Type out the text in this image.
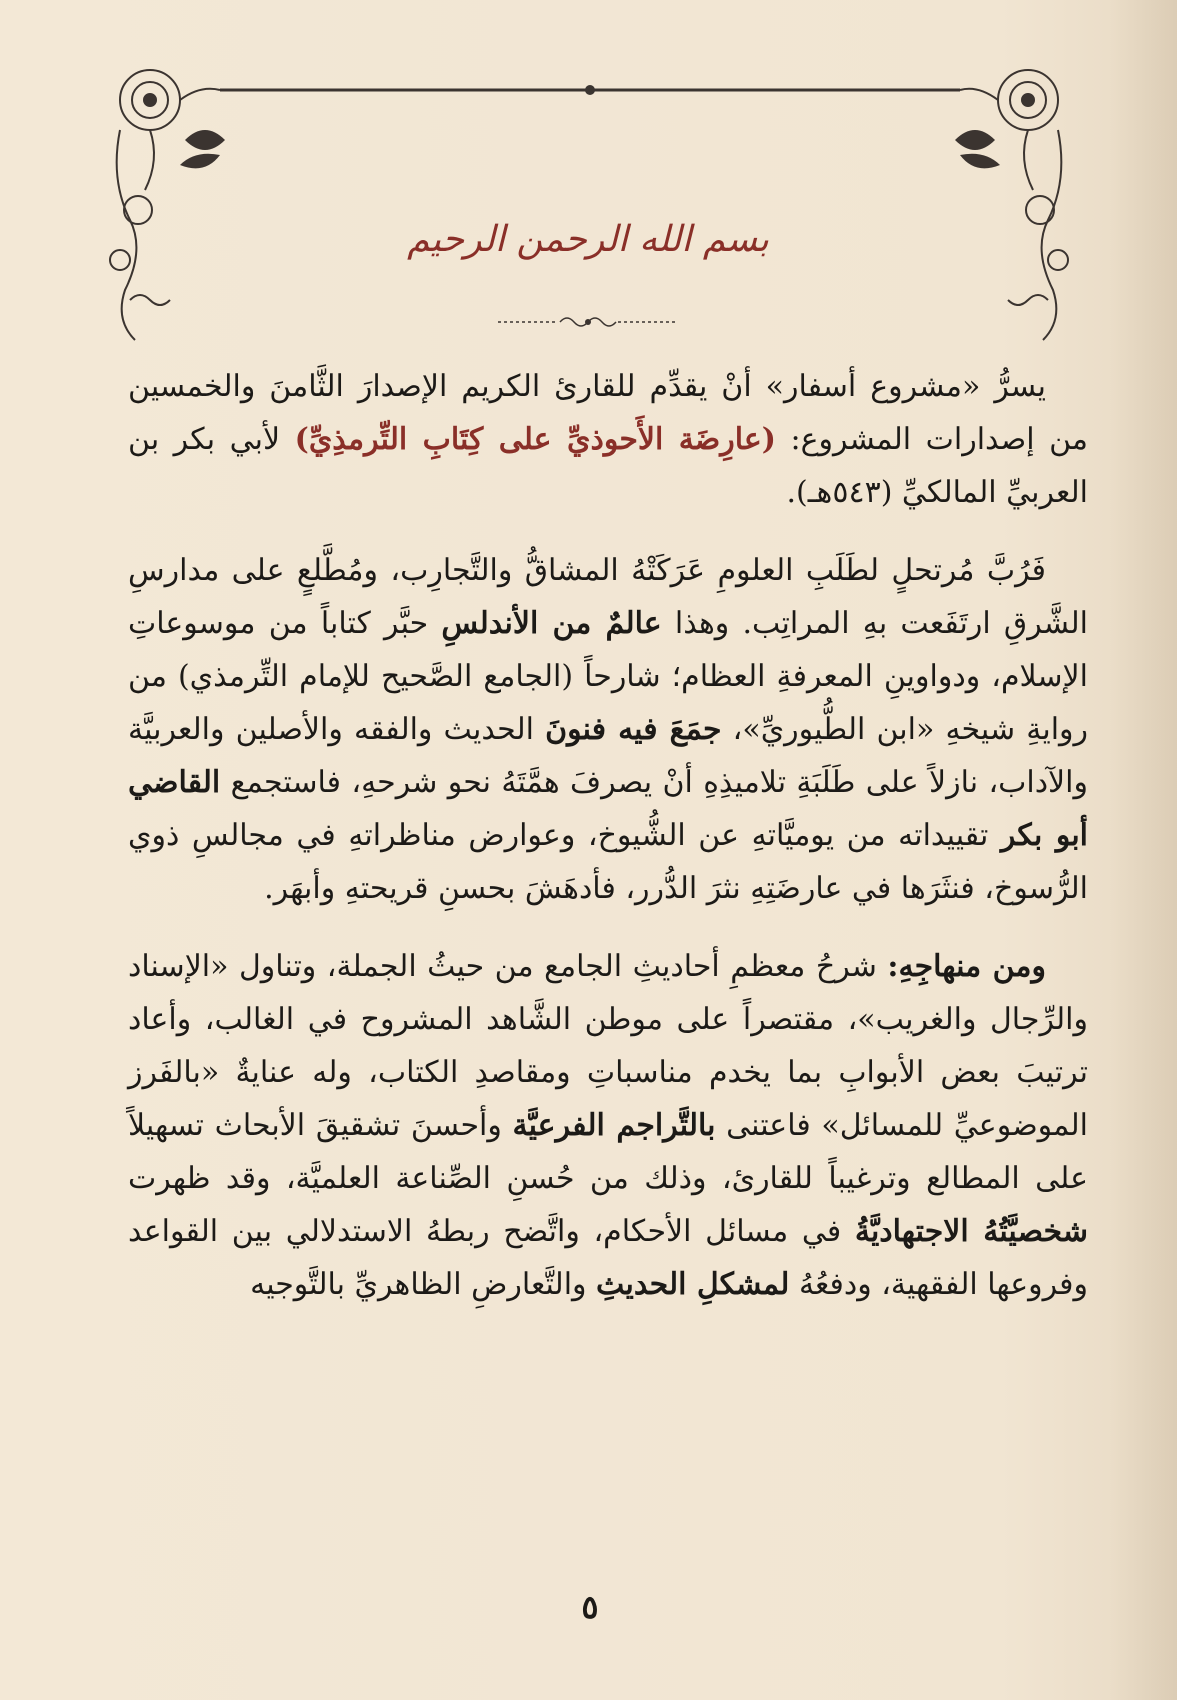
بسم الله الرحمن الرحيم

يسرُّ «مشروع أسفار» أنْ يقدِّم للقارئ الكريم الإصدارَ الثَّامنَ والخمسين من إصدارات المشروع: (عارِضَة الأَحوذيِّ على كِتَابِ التِّرمذِيِّ) لأبي بكر بن العربيِّ المالكيِّ (٥٤٣هـ).

فَرُبَّ مُرتحلٍ لطَلَبِ العلومِ عَرَكَتْهُ المشاقُّ والتَّجارِب، ومُطَّلعٍ على مدارسِ الشَّرقِ ارتَفَعت بهِ المراتِب. وهذا عالمٌ من الأندلسِ حبَّر كتاباً من موسوعاتِ الإسلام، ودواوينِ المعرفةِ العظام؛ شارحاً (الجامع الصَّحيح للإمام التِّرمذي) من روايةِ شيخهِ «ابن الطُّيوريِّ»، جمَعَ فيه فنونَ الحديث والفقه والأصلين والعربيَّة والآداب، نازلاً على طَلَبَةِ تلاميذِهِ أنْ يصرفَ همَّتَهُ نحو شرحهِ، فاستجمع القاضي أبو بكر تقييداته من يوميَّاتهِ عن الشُّيوخ، وعوارض مناظراتهِ في مجالسِ ذوي الرُّسوخ، فنثَرَها في عارضَتِهِ نثرَ الدُّرر، فأدهَشَ بحسنِ قريحتهِ وأبهَر.

ومن منهاجِهِ: شرحُ معظمِ أحاديثِ الجامع من حيثُ الجملة، وتناول «الإسناد والرِّجال والغريب»، مقتصراً على موطن الشَّاهد المشروح في الغالب، وأعاد ترتيبَ بعض الأبوابِ بما يخدم مناسباتِ ومقاصدِ الكتاب، وله عنايةٌ «بالفَرز الموضوعيِّ للمسائل» فاعتنى بالتَّراجم الفرعيَّة وأحسنَ تشقيقَ الأبحاث تسهيلاً على المطالع وترغيباً للقارئ، وذلك من حُسنِ الصِّناعة العلميَّة، وقد ظهرت شخصيَّتُهُ الاجتهاديَّةُ في مسائل الأحكام، واتَّضح ربطهُ الاستدلالي بين القواعد وفروعها الفقهية، ودفعُهُ لمشكلِ الحديثِ والتَّعارضِ الظاهريِّ بالتَّوجيه

٥
